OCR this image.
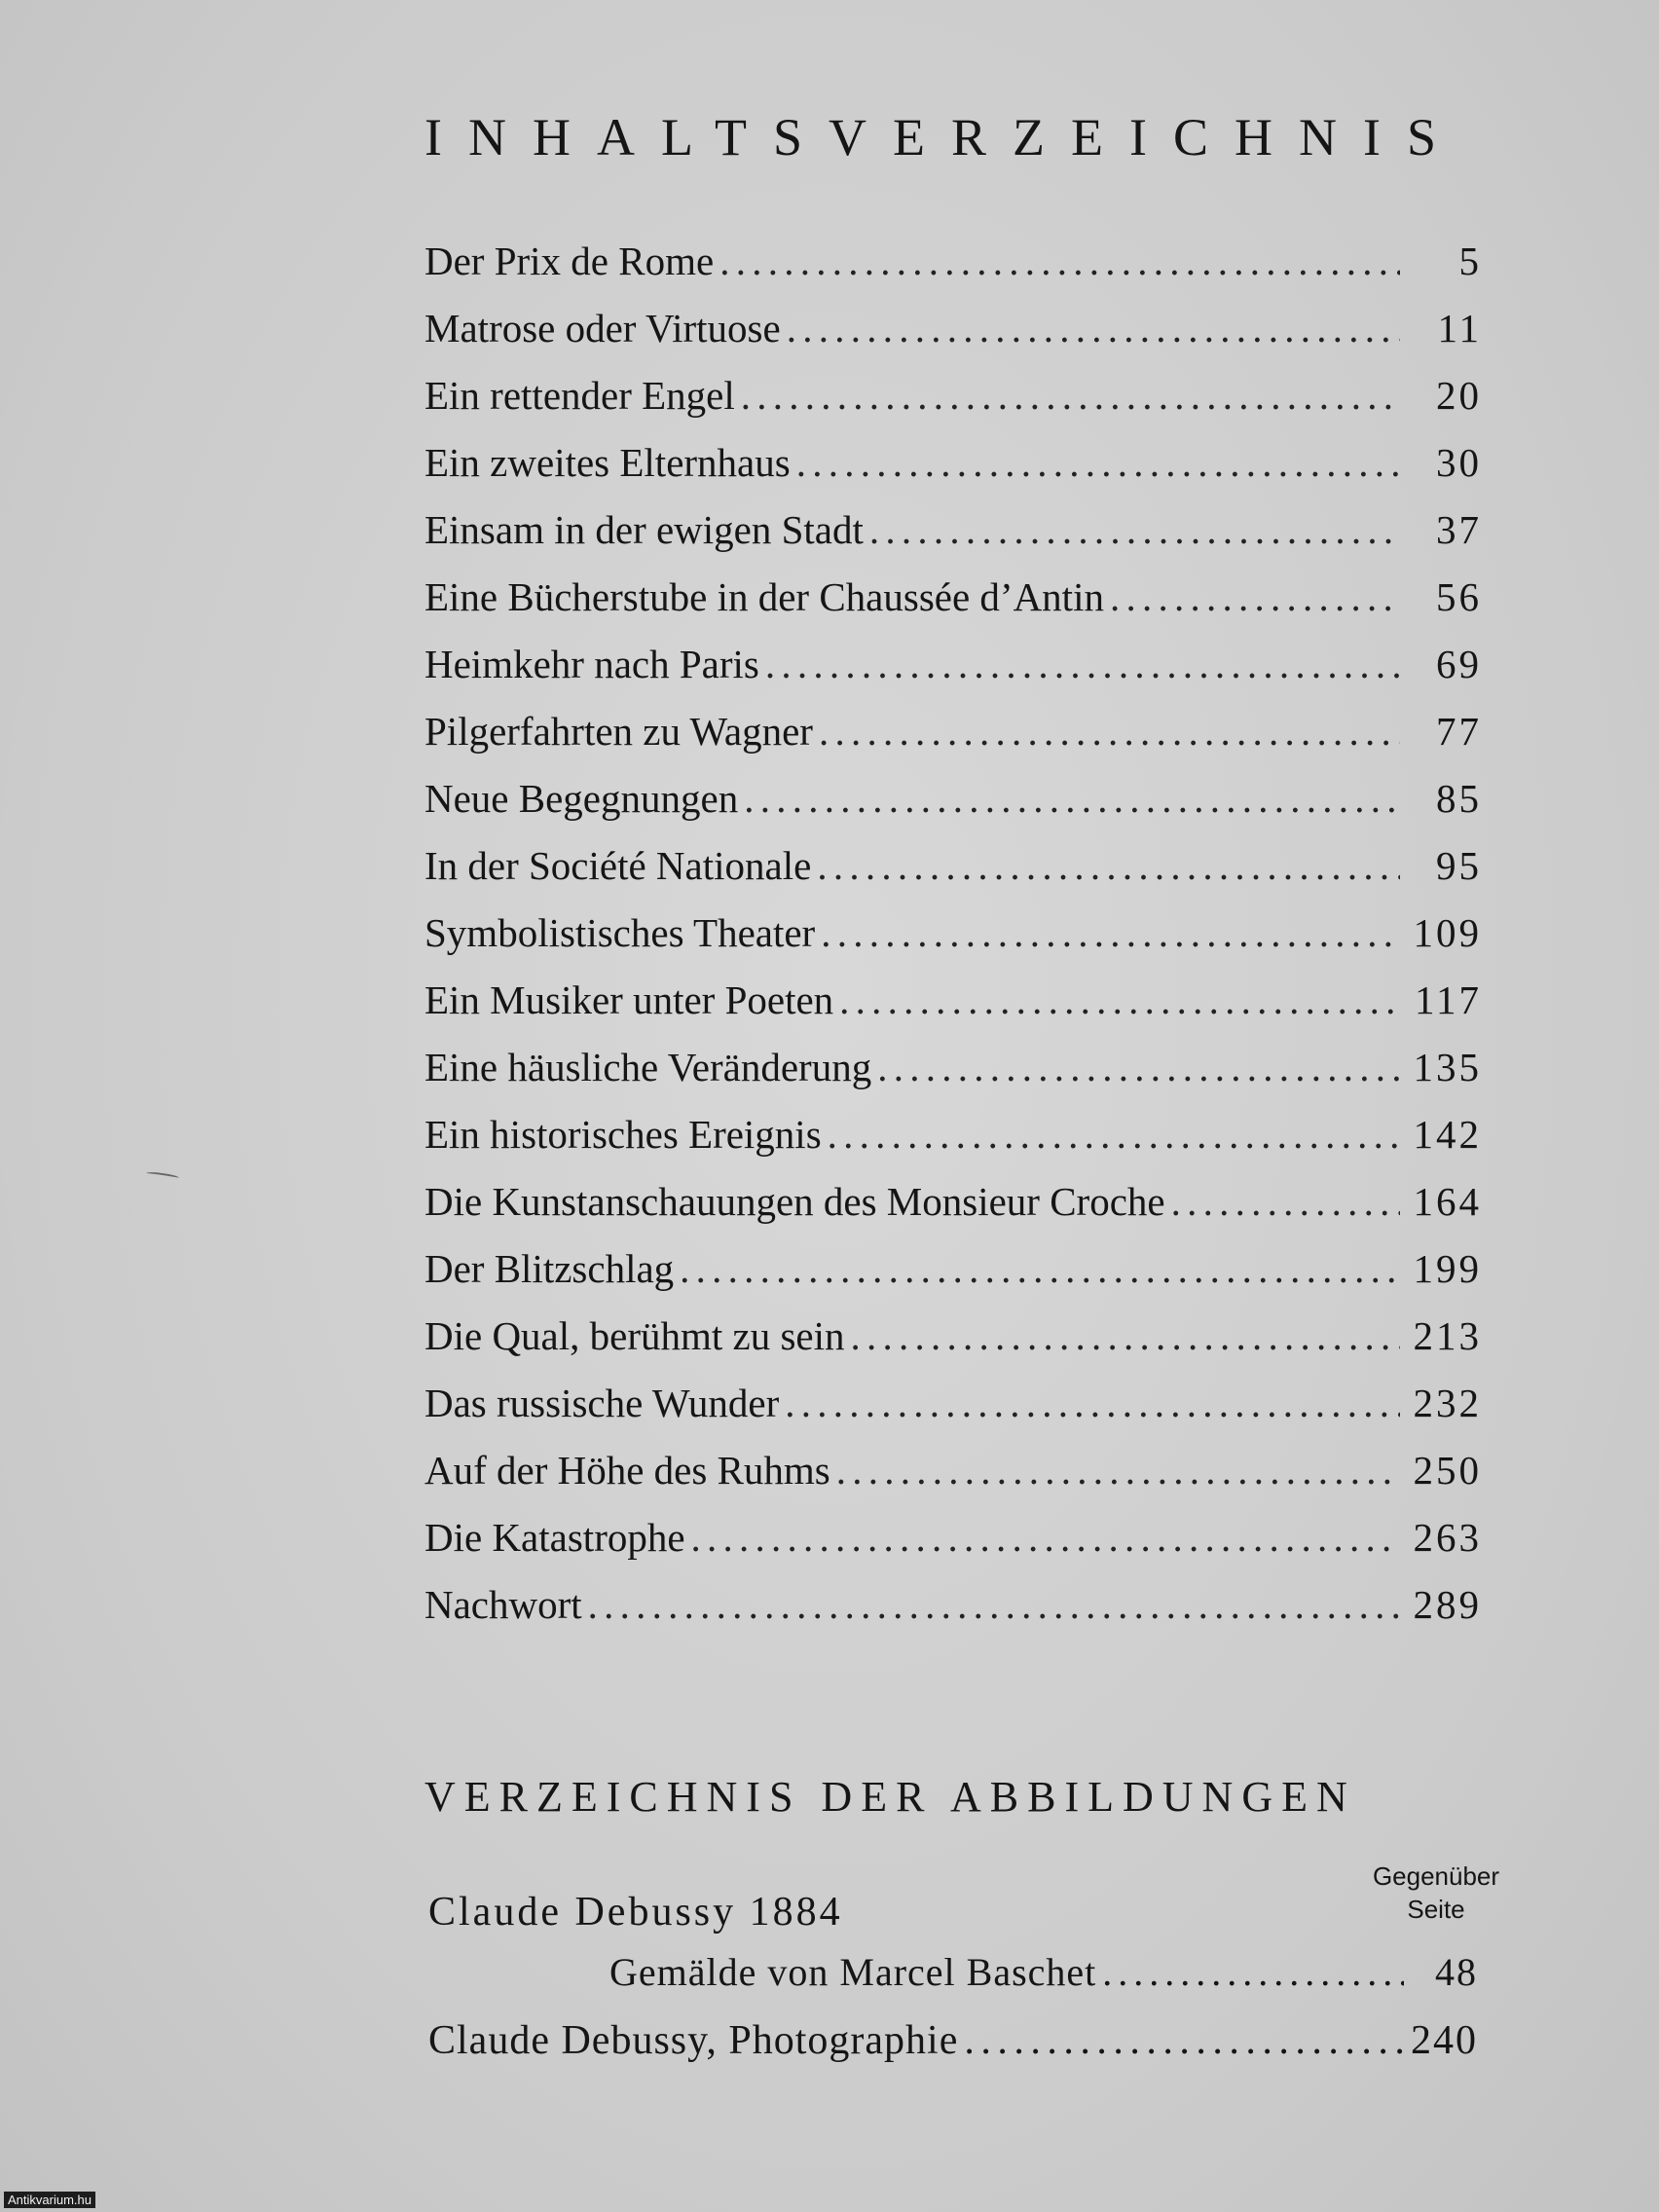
INHALTSVERZEICHNIS
Der Prix de Rome . . .	5
Matrose oder Virtuose . . .	11
Ein rettender Engel . . .	20
Ein zweites Elternhaus . . .	30
Einsam in der ewigen Stadt . . .	37
Eine Bücherstube in der Chaussée d’Antin . . .	56
Heimkehr nach Paris . . .	69
Pilgerfahrten zu Wagner . . .	77
Neue Begegnungen . . .	85
In der Société Nationale . . .	95
Symbolistisches Theater . . .	109
Ein Musiker unter Poeten . . .	117
Eine häusliche Veränderung . . .	135
Ein historisches Ereignis . . .	142
Die Kunstanschauungen des Monsieur Croche . . .	164
Der Blitzschlag . . .	199
Die Qual, berühmt zu sein . . .	213
Das russische Wunder . . .	232
Auf der Höhe des Ruhms . . .	250
Die Katastrophe . . .	263
Nachwort . . .	289
VERZEICHNIS DER ABBILDUNGEN
Gegenüber
Seite
Claude Debussy 1884
Gemälde von Marcel Baschet . . .	48
Claude Debussy, Photographie . . .	240
Antikvarium.hu
